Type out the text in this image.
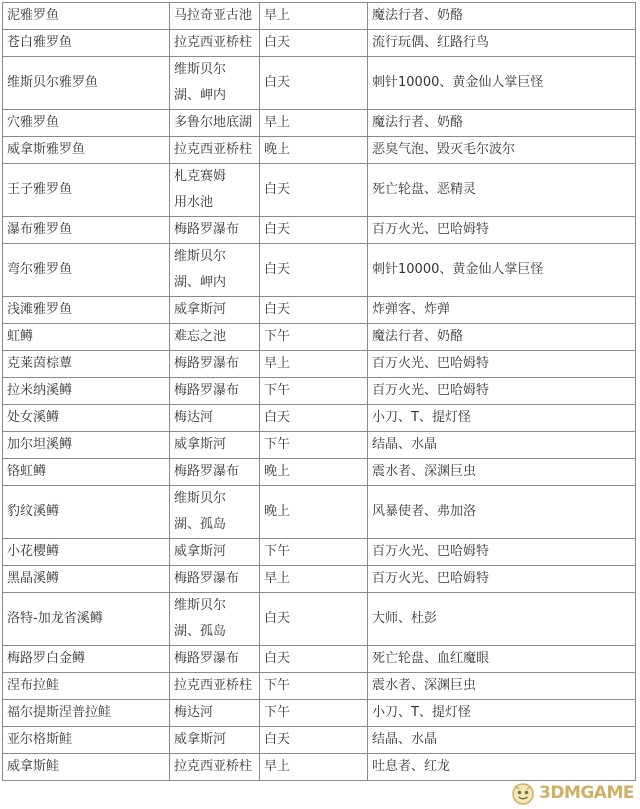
泥雅罗鱼	马拉奇亚古池	早上	魔法行者、奶酪
苍白雅罗鱼	拉克西亚桥柱	白天	流行玩偶、红路行鸟
维斯贝尔雅罗鱼	维斯贝尔湖、岬内	白天	刺针10000、黄金仙人掌巨怪
穴雅罗鱼	多鲁尔地底湖	早上	魔法行者、奶酪
威拿斯雅罗鱼	拉克西亚桥柱	晚上	恶臭气泡、毁灭毛尔波尔
王子雅罗鱼	札克赛姆用水池	白天	死亡轮盘、恶精灵
瀑布雅罗鱼	梅路罗瀑布	白天	百万火光、巴哈姆特
弯尔雅罗鱼	维斯贝尔湖、岬内	白天	刺针10000、黄金仙人掌巨怪
浅滩雅罗鱼	威拿斯河	白天	炸弹客、炸弹
虹鳟	难忘之池	下午	魔法行者、奶酪
克莱茵棕蕈	梅路罗瀑布	早上	百万火光、巴哈姆特
拉米纳溪鳟	梅路罗瀑布	下午	百万火光、巴哈姆特
处女溪鳟	梅达河	白天	小刀、T、提灯怪
加尔坦溪鳟	威拿斯河	下午	结晶、水晶
铬虹鳟	梅路罗瀑布	晚上	震水者、深渊巨虫
豹纹溪鳟	维斯贝尔湖、孤岛	晚上	风暴使者、弗加洛
小花樱鳟	威拿斯河	下午	百万火光、巴哈姆特
黑晶溪鳟	梅路罗瀑布	早上	百万火光、巴哈姆特
洛特-加龙省溪鳟	维斯贝尔湖、孤岛	白天	大师、杜彭
梅路罗白金鳟	梅路罗瀑布	白天	死亡轮盘、血红魔眼
涅布拉鲑	拉克西亚桥柱	下午	震水者、深渊巨虫
福尔提斯涅普拉鲑	梅达河	下午	小刀、T、提灯怪
亚尔格斯鲑	威拿斯河	白天	结晶、水晶
威拿斯鲑	拉克西亚桥柱	早上	吐息者、红龙
3DMGAME
